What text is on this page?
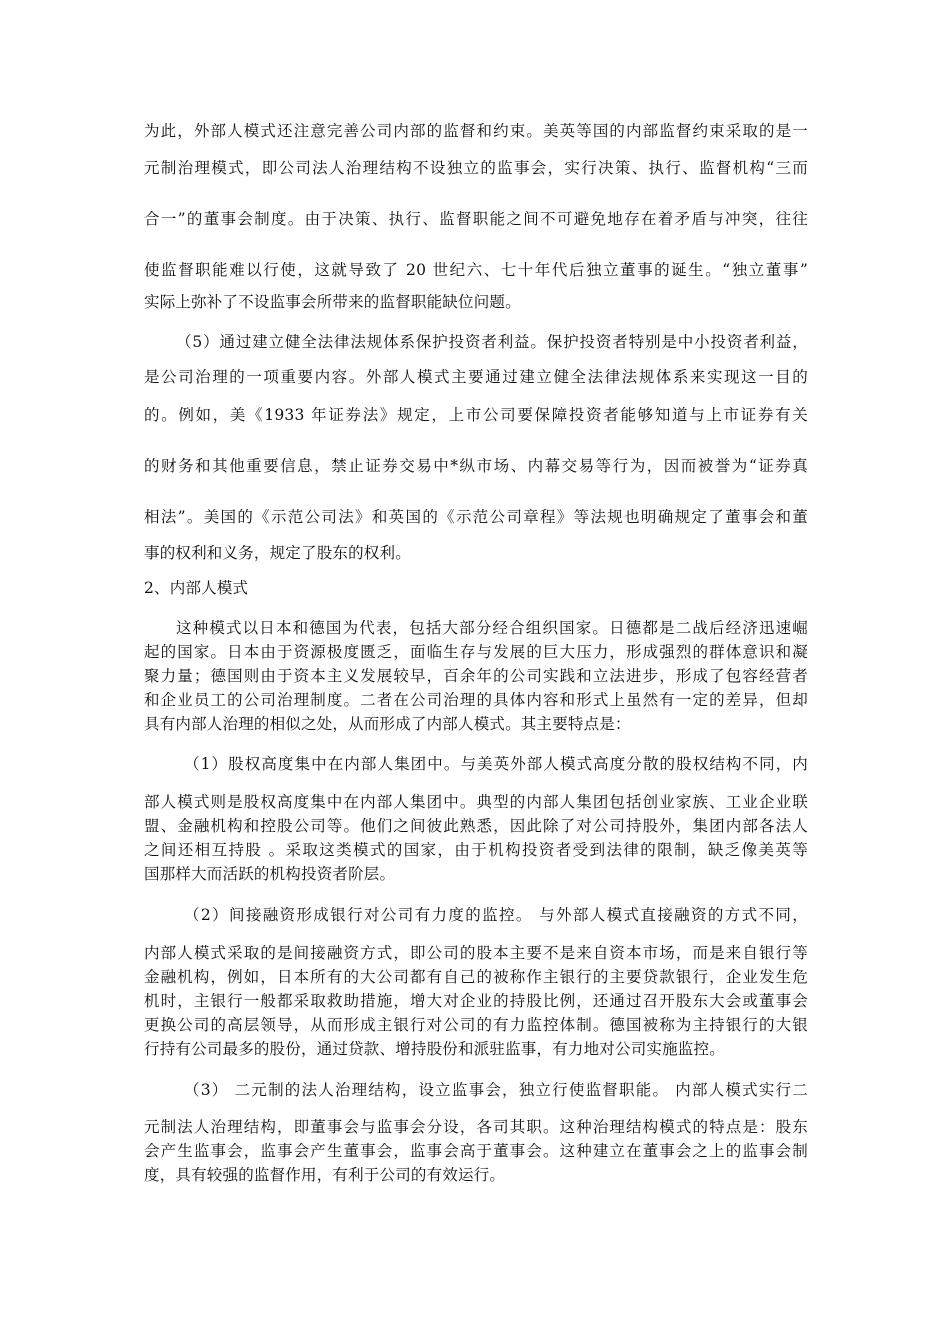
为此，外部人模式还注意完善公司内部的监督和约束。美英等国的内部监督约束采取的是一
元制治理模式，即公司法人治理结构不设独立的监事会，实行决策、执行、监督机构“三而
合一”的董事会制度。由于决策、执行、监督职能之间不可避免地存在着矛盾与冲突，往往
使监督职能难以行使，这就导致了 20 世纪六、七十年代后独立董事的诞生。“独立董事”
实际上弥补了不设监事会所带来的监督职能缺位问题。
（5）通过建立健全法律法规体系保护投资者利益。保护投资者特别是中小投资者利益，
是公司治理的一项重要内容。外部人模式主要通过建立健全法律法规体系来实现这一目的
的。例如，美《1933 年证券法》规定，上市公司要保障投资者能够知道与上市证券有关
的财务和其他重要信息，禁止证券交易中*纵市场、内幕交易等行为，因而被誉为“证券真
相法”。美国的《示范公司法》和英国的《示范公司章程》等法规也明确规定了董事会和董
事的权利和义务，规定了股东的权利。
2、内部人模式
这种模式以日本和德国为代表，包括大部分经合组织国家。日德都是二战后经济迅速崛
起的国家。日本由于资源极度匮乏，面临生存与发展的巨大压力，形成强烈的群体意识和凝
聚力量；德国则由于资本主义发展较早，百余年的公司实践和立法进步，形成了包容经营者
和企业员工的公司治理制度。二者在公司治理的具体内容和形式上虽然有一定的差异，但却
具有内部人治理的相似之处，从而形成了内部人模式。其主要特点是：
（1）股权高度集中在内部人集团中。与美英外部人模式高度分散的股权结构不同，内
部人模式则是股权高度集中在内部人集团中。典型的内部人集团包括创业家族、工业企业联
盟、金融机构和控股公司等。他们之间彼此熟悉，因此除了对公司持股外，集团内部各法人
之间还相互持股 。采取这类模式的国家，由于机构投资者受到法律的限制，缺乏像美英等
国那样大而活跃的机构投资者阶层。
（2）间接融资形成银行对公司有力度的监控。 与外部人模式直接融资的方式不同，
内部人模式采取的是间接融资方式，即公司的股本主要不是来自资本市场，而是来自银行等
金融机构，例如，日本所有的大公司都有自己的被称作主银行的主要贷款银行，企业发生危
机时，主银行一般都采取救助措施，增大对企业的持股比例，还通过召开股东大会或董事会
更换公司的高层领导，从而形成主银行对公司的有力监控体制。德国被称为主持银行的大银
行持有公司最多的股份，通过贷款、增持股份和派驻监事，有力地对公司实施监控。
（3） 二元制的法人治理结构，设立监事会，独立行使监督职能。 内部人模式实行二
元制法人治理结构，即董事会与监事会分设，各司其职。这种治理结构模式的特点是：股东
会产生监事会，监事会产生董事会，监事会高于董事会。这种建立在董事会之上的监事会制
度，具有较强的监督作用，有利于公司的有效运行。
